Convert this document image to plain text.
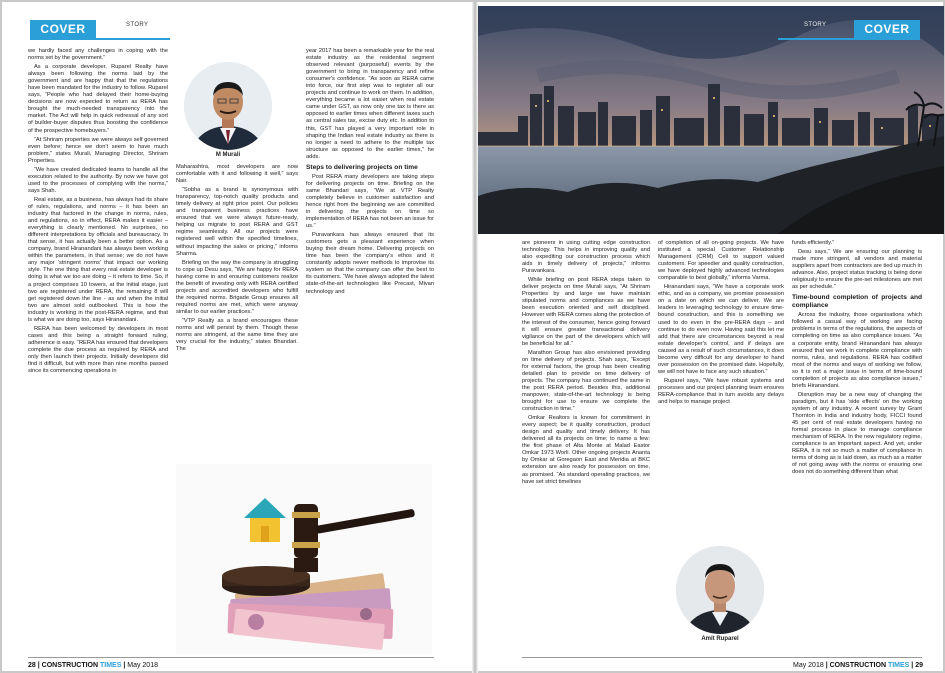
COVER	STORY

we hardly faced any challenges in coping with the norms set by the government.”

As a corporate developer, Ruparel Realty have always been following the norms laid by the government and are happy that that the regulations have been mandated for the industry to follow. Ruparel says, “People who had delayed their home-buying decisions are now expected to return as RERA has brought the much-needed transparency into the market. The Act will help in quick redressal of any sort of builder-buyer disputes thus boosting the confidence of the prospective homebuyers.”

“At Shriram properties we were always self governed even before; hence we don't seem to have much problem,” states Murali, Managing Director, Shriram Properties.

“We have created dedicated teams to handle all the execution related to the authority. By now we have got used to the processes of complying with the norms,” says Shah.

Real estate, as a business, has always had its share of rules, regulations, and norms – it has been an industry that factored in the change in norms, rules, and regulations, so in effect, RERA makes it easier – everything is clearly mentioned. No surprises, no different interpretations by officials and bureaucracy. In that sense, it has actually been a better option. As a company, brand Hiranandani has always been working within the parameters, in that sense; we do not have any major 'stringent norms' that impact our working style. The one thing that every real estate developer is doing is what we too are doing – it refers to time. So, if a project comprises 10 towers, at the initial stage, just two are registered under RERA, the remaining 8 will get registered down the line - as and when the initial two are almost sold out/booked. This is how the industry is working in the post-RERA regime, and that is what we are doing too, says Hiranandani.

RERA has been welcomed by developers in most cases and this being a straight forward ruling, adherence is easy. “RERA has ensured that developers complete the due process as required by RERA and only then launch their projects. Initially developers did find it difficult, but with more than nine months passed since its commencing operations in

M Murali

Maharashtra, most developers are now comfortable with it and following it well,” says Nair.

“Sobha as a brand is synonymous with transparency, top-notch quality products and timely delivery at right price point. Our policies and transparent business practices have ensured that we were always future-ready, helping us migrate to post RERA and GST regime seamlessly. All our projects were registered well within the specified timelines, without impacting the sales or pricing,” informs Sharma.

Briefing on the way the company is struggling to cope up Desu says, “We are happy for RERA having come in and ensuring customers realize the benefit of investing only with RERA certified projects and accredited developers who fulfill the required norms. Brigade Group ensures all required norms are met, which were anyway similar to our earlier practices.”

“VTP Realty as a brand encourages these norms and will persist by them. Though these norms are stringent, at the same time they are very crucial for the industry,” states Bhandari. The

year 2017 has been a remarkable year for the real estate industry as the residential segment observed relevant (purposeful) events by the government to bring in transparency and refine consumer's confidence. “As soon as RERA came into force, our first step was to register all our projects and continue to work on them. In addition, everything became a lot easier when real estate came under GST, as now only one tax is there as opposed to earlier times when different taxes such as central sales tax, excise duty etc. In addition to this, GST has played a very important role in shaping the Indian real estate industry as there is no longer a need to adhere to the multiple tax structure as opposed to the earlier times,” he adds.

Steps to delivering projects on time

Post RERA many developers are taking steps for delivering projects on time. Briefing on the same Bhandari says, “We at VTP Realty completely believe in customer satisfaction and hence right from the beginning we are committed in delivering the projects on time so implementation of RERA has not been an issue for us.”

Puravankara has always ensured that its customers gets a pleasant experience when buying their dream home. Delivering projects on time has been the company's ethos and it constantly adopts newer methods to improvise its system so that the company can offer the best to its customers. “We have always adopted the latest state-of-the-art technologies like Precast, Mivan technology and

28 | CONSTRUCTION TIMES | May 2018
COVER
STORY

are pioneers in using cutting edge construction technology. This helps in improving quality and also expediting our construction process which aids in timely delivery of projects,” informs Puravankara.

While briefing on post RERA steps taken to deliver projects on time Murali says, “At Shriram Properties by and large we have maintain stipulated norms and compliances as we have been execution oriented and self disciplined. However with RERA comes along the protection of the interest of the consumer, hence going forward it will ensure greater transactional delivery vigilance on the part of the developers which will be beneficial for all.”

Marathon Group has also envisioned providing on time delivery of projects. Shah says, “Except for external factors, the group has been creating detailed plan to provide on time delivery of projects. The company has continued the same in the post RERA period. Besides this, additional manpower, state-of-the-art technology is being brought for use to ensure we complete the construction in time.”

Omkar Realtors is known for commitment in every aspect; be it quality construction, product design and quality and timely delivery. It has delivered all its projects on time; to name a few: the first phase of Alta Monte at Malad Eastor Omkar 1973 Worli. Other ongoing projects Ananta by Omkar at Goregaon East and Meridia at BKC extension are also ready for possession on time, as promised. “As standard operating practices, we have set strict timelines

of completion of all on-going projects. We have instituted a special Customer Relationship Management (CRM) Cell to support valued customers. For speedier and quality construction, we have deployed highly advanced technologies comparable to best globally,” informs Varma.

Hiranandani says, “We have a corporate work ethic, and as a company, we promise possession on a date on which we can deliver. We are leaders in leveraging technology to ensure time-bound construction, and this is something we used to do even in the pre-RERA days – and continue to do even now. Having said this let me add that there are circumstances beyond a real estate developer's control, and if delays are caused as a result of such circumstances, it does become very difficult for any developer to hand over possession on the promised date. Hopefully, we will not have to face any such situation.”

Ruparel says, “We have robust systems and processes and our project planning team ensures RERA-compliance that in turn avoids any delays and helps to manage project

Amit Ruparel

funds efficiently.”

Desu says,” We are ensuring our planning is made more stringent, all vendors and material suppliers apart from contractors are tied up much in advance. Also, project status tracking is being done religiously to ensure the pre-set milestones are met as per schedule.”

Time-bound completion of projects and compliance

Across the industry, those organisations which followed a casual way of working are facing problems in terms of the regulations, the aspects of completing on time as also compliance issues. “As a corporate entity, brand Hiranandani has always ensured that we work in complete compliance with norms, rules, and regulations. RERA has codified most of the norms and ways of working we follow, so it is not a major issue in terms of time-bound completion of projects as also compliance issues,” briefs Hiranandani.

Disruption may be a new way of changing the paradigm, but it has 'side effects' on the working system of any industry. A recent survey by Grant Thornton in India and industry body, FICCI found 45 per cent of real estate developers having no formal process in place to manage compliance mechanism of RERA. In the new regulatory regime, compliance is an important aspect. And yet, under RERA, it is not so much a matter of compliance in terms of doing as is laid down, as much as a matter of not going away with the norms or ensuring one does not do something different than what

May 2018 | CONSTRUCTION TIMES | 29
